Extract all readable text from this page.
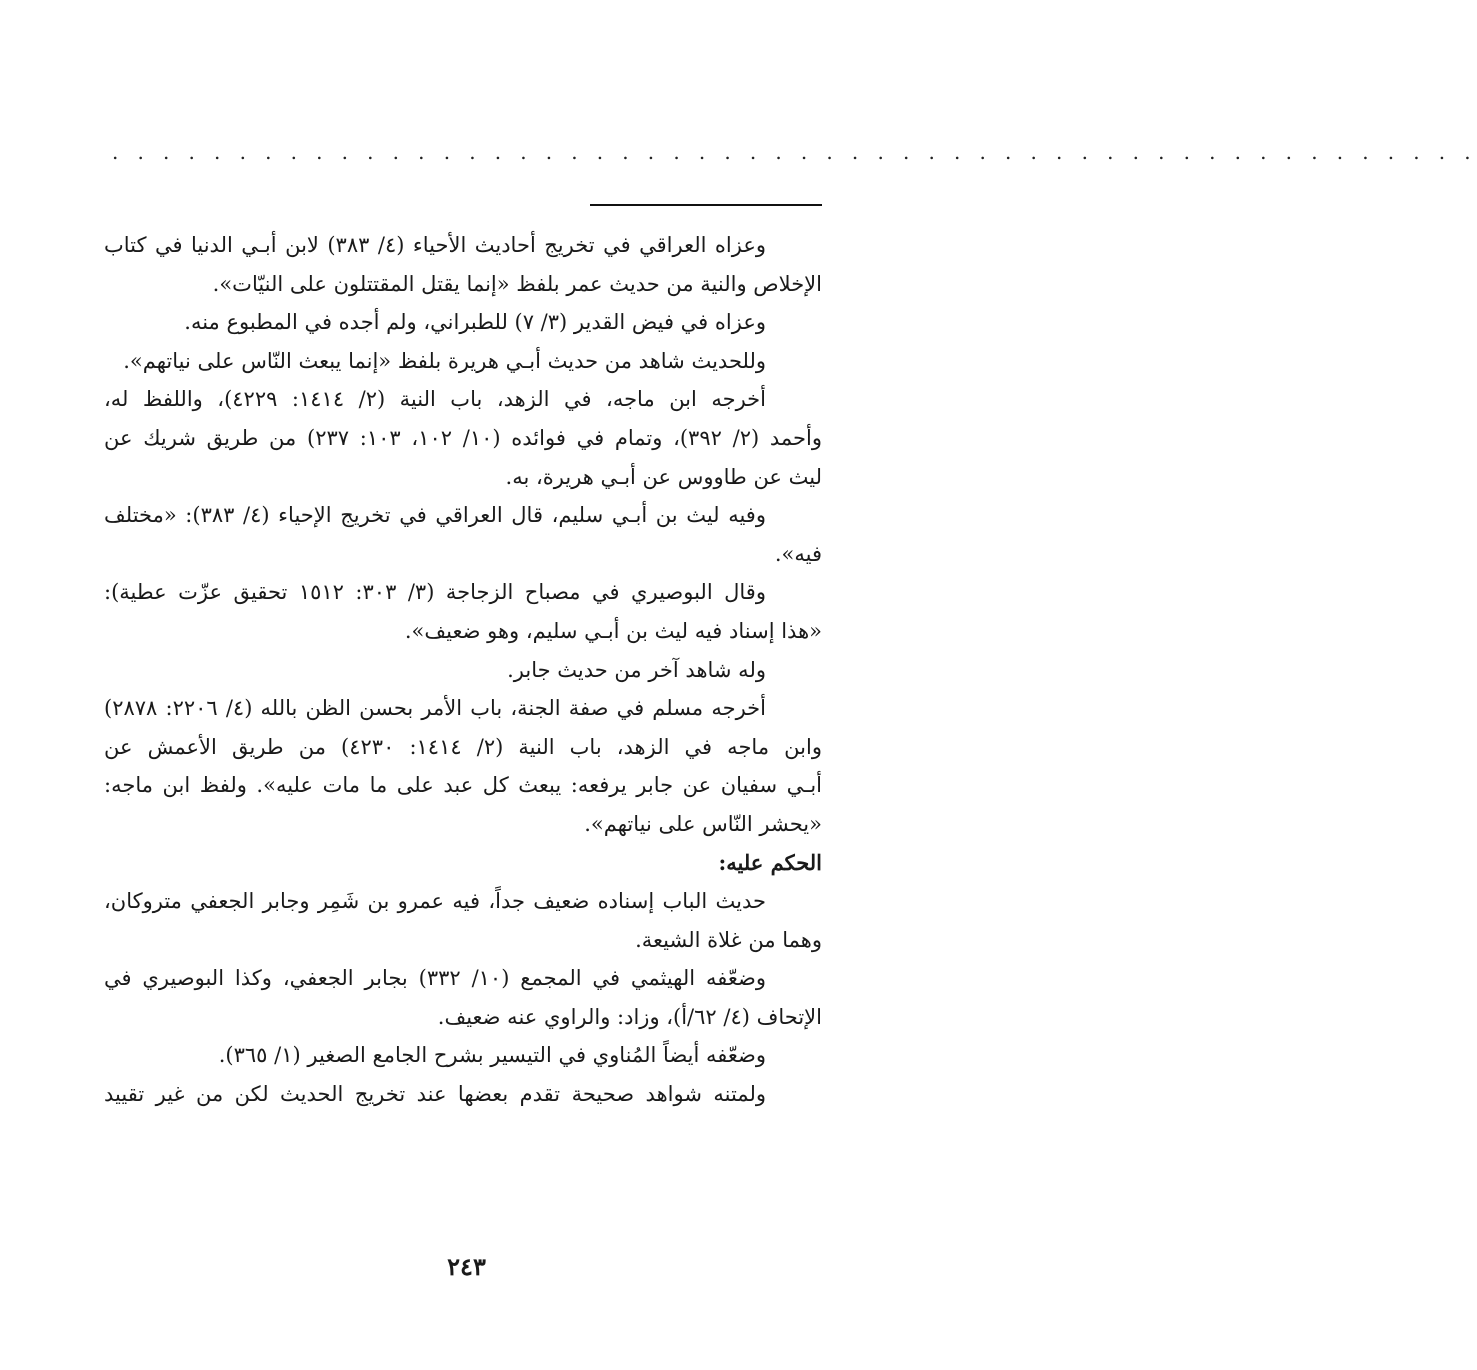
. . . . . . . . . . . . . . . . . . . . . . . . . . . . . . . . . . . . . . . . . . . . . . . . . . . . . .
وعزاه العراقي في تخريج أحاديث الأحياء (٤/ ٣٨٣) لابن أبـي الدنيا في كتاب
الإخلاص والنية من حديث عمر بلفظ «إنما يقتل المقتتلون على النيّات».
وعزاه في فيض القدير (٣/ ٧) للطبراني، ولم أجده في المطبوع منه.
وللحديث شاهد من حديث أبـي هريرة بلفظ «إنما يبعث النّاس على نياتهم».
أخرجه ابن ماجه، في الزهد، باب النية (٢/ ١٤١٤: ٤٢٢٩)، واللفظ له،
وأحمد (٢/ ٣٩٢)، وتمام في فوائده (١٠/ ١٠٢، ١٠٣: ٢٣٧) من طريق شريك عن
ليث عن طاووس عن أبـي هريرة، به.
وفيه ليث بن أبـي سليم، قال العراقي في تخريج الإحياء (٤/ ٣٨٣): «مختلف
فيه».
وقال البوصيري في مصباح الزجاجة (٣/ ٣٠٣: ١٥١٢ تحقيق عزّت عطية):
«هذا إسناد فيه ليث بن أبـي سليم، وهو ضعيف».
وله شاهد آخر من حديث جابر.
أخرجه مسلم في صفة الجنة، باب الأمر بحسن الظن بالله (٤/ ٢٢٠٦: ٢٨٧٨)
وابن ماجه في الزهد، باب النية (٢/ ١٤١٤: ٤٢٣٠) من طريق الأعمش عن
أبـي سفيان عن جابر يرفعه: يبعث كل عبد على ما مات عليه». ولفظ ابن ماجه:
«يحشر النّاس على نياتهم».
الحكم عليه:
حديث الباب إسناده ضعيف جداً، فيه عمرو بن شَمِر وجابر الجعفي متروكان،
وهما من غلاة الشيعة.
وضعّفه الهيثمي في المجمع (١٠/ ٣٣٢) بجابر الجعفي، وكذا البوصيري في
الإتحاف (٤/ ٦٢/أ)، وزاد: والراوي عنه ضعيف.
وضعّفه أيضاً المُناوي في التيسير بشرح الجامع الصغير (١/ ٣٦٥).
ولمتنه شواهد صحيحة تقدم بعضها عند تخريج الحديث لكن من غير تقييد
٢٤٣
